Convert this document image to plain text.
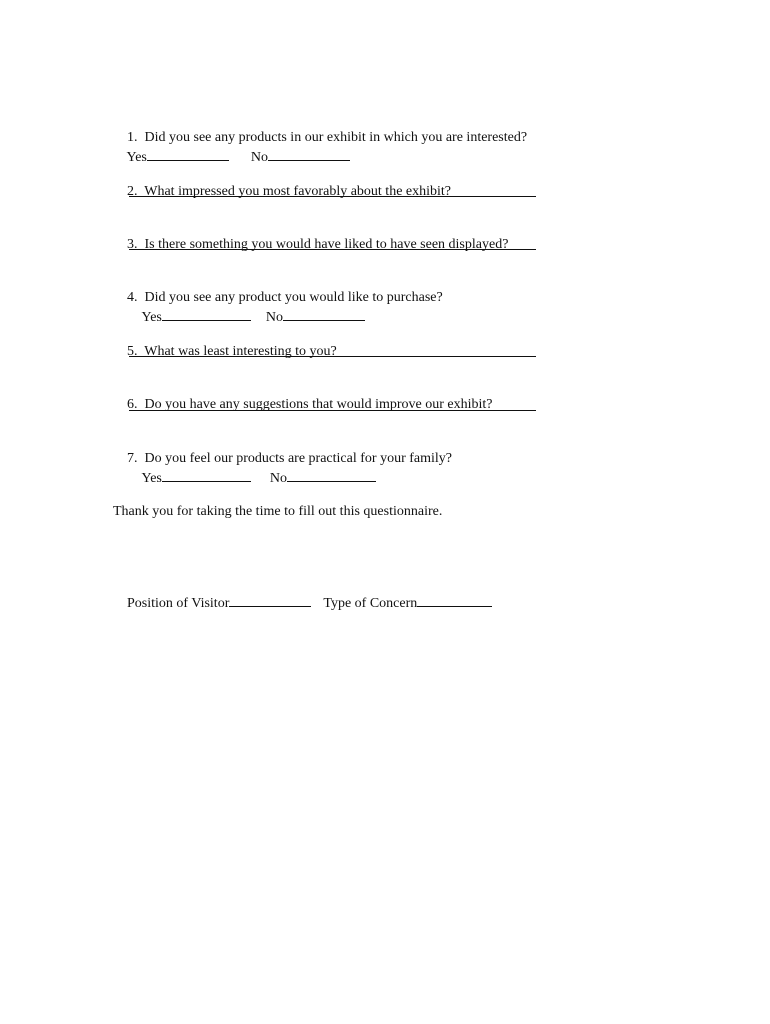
1. Did you see any products in our exhibit in which you are interested?

Yes	No

2. What impressed you most favorably about the exhibit?

3. Is there something you would have liked to have seen displayed?

4. Did you see any product you would like to purchase?

Yes	No

5. What was least interesting to you?

6. Do you have any suggestions that would improve our exhibit?

7. Do you feel our products are practical for your family?

Yes	No

Thank you for taking the time to fill out this questionnaire.

Position of Visitor	Type of Concern
